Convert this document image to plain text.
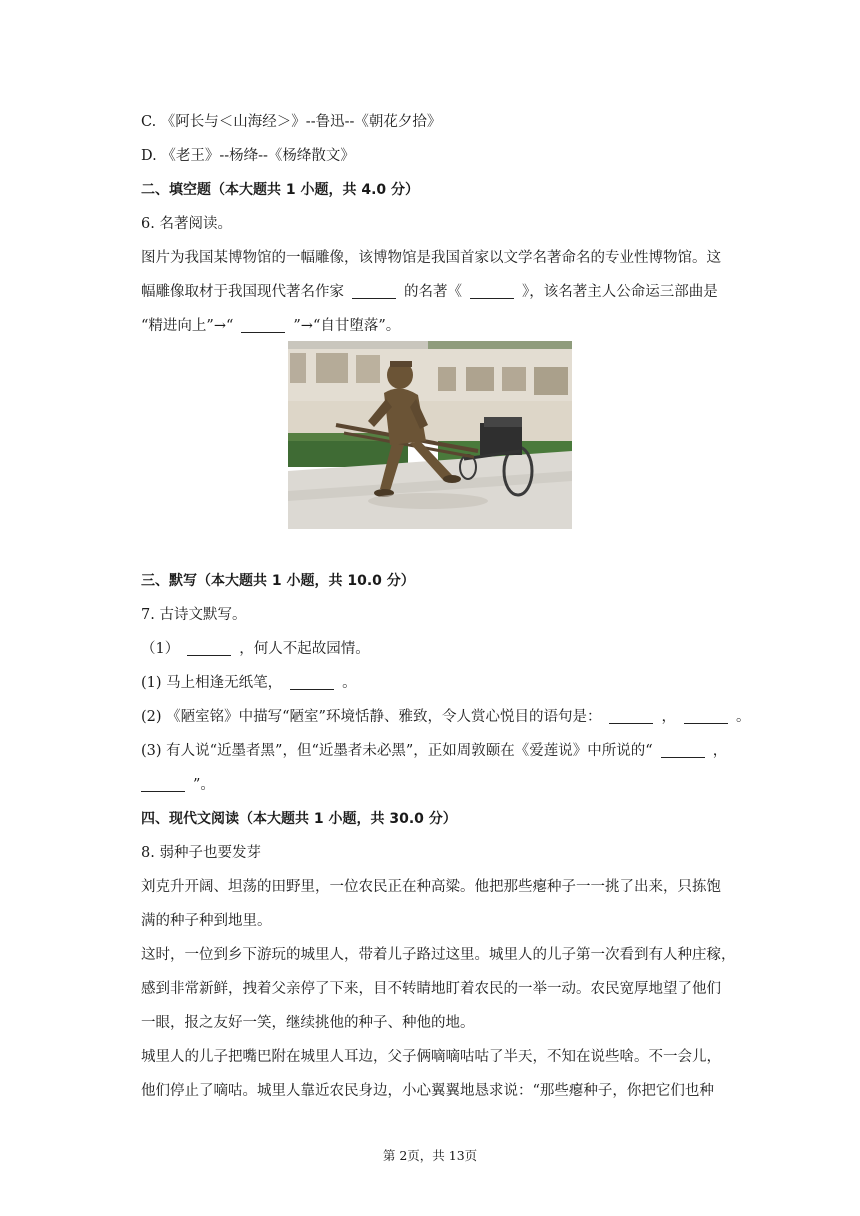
C. 《阿长与＜山海经＞》--鲁迅--《朝花夕拾》
D. 《老王》--杨绛--《杨绛散文》
二、填空题（本大题共 1 小题，共 4.0 分）
6. 名著阅读。
图片为我国某博物馆的一幅雕像，该博物馆是我国首家以文学名著命名的专业性博物馆。这
幅雕像取材于我国现代著名作家	的名著《	》，该名著主人公命运三部曲是
“精进向上”→“	”→“自甘堕落”。
三、默写（本大题共 1 小题，共 10.0 分）
7. 古诗文默写。
（1）	，何人不起故园情。
(1) 马上相逢无纸笔，	。
(2) 《陋室铭》中描写“陋室”环境恬静、雅致，令人赏心悦目的语句是：	，	。
(3) 有人说“近墨者黑”，但“近墨者未必黑”，正如周敦颐在《爱莲说》中所说的“	，
”。
四、现代文阅读（本大题共 1 小题，共 30.0 分）
8. 弱种子也要发芽
刘克升开阔、坦荡的田野里，一位农民正在种高粱。他把那些瘪种子一一挑了出来，只拣饱
满的种子种到地里。
这时，一位到乡下游玩的城里人，带着儿子路过这里。城里人的儿子第一次看到有人种庄稼，
感到非常新鲜，拽着父亲停了下来，目不转睛地盯着农民的一举一动。农民宽厚地望了他们
一眼，报之友好一笑，继续挑他的种子、种他的地。
城里人的儿子把嘴巴附在城里人耳边，父子俩嘀嘀咕咕了半天，不知在说些啥。不一会儿，
他们停止了嘀咕。城里人靠近农民身边，小心翼翼地恳求说：“那些瘪种子，你把它们也种
第 2页，共 13页
